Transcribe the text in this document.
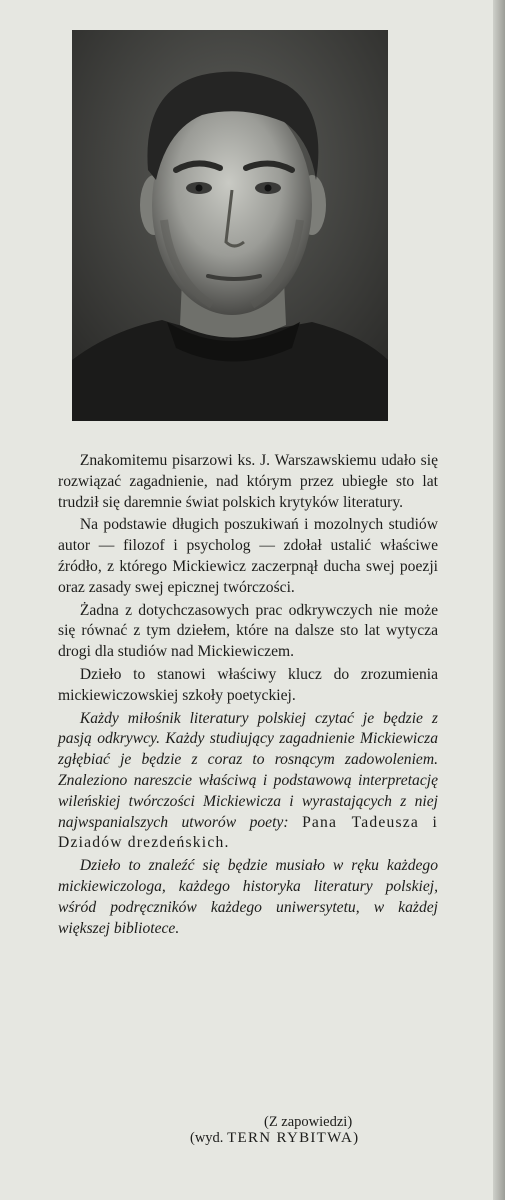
Znakomitemu pisarzowi ks. J. Warszawskiemu udało się rozwiązać zagadnienie, nad którym przez ubiegłe sto lat trudził się daremnie świat polskich krytyków literatury.

Na podstawie długich poszukiwań i mozolnych studiów autor — filozof i psycholog — zdołał ustalić właściwe źródło, z którego Mickiewicz zaczerpnął ducha swej poezji oraz zasady swej epicznej twórczości.

Żadna z dotychczasowych prac odkrywczych nie może się równać z tym dziełem, które na dalsze sto lat wytycza drogi dla studiów nad Mickiewiczem.

Dzieło to stanowi właściwy klucz do zrozumienia mickiewiczowskiej szkoły poetyckiej.

Każdy miłośnik literatury polskiej czytać je będzie z pasją odkrywcy. Każdy studiujący zagadnienie Mickiewicza zgłębiać je będzie z coraz to rosnącym zadowoleniem. Znaleziono nareszcie właściwą i podstawową interpretację wileńskiej twórczości Mickiewicza i wyrastających z niej najwspanialszych utworów poety: Pana Tadeusza i Dziadów drezdeńskich.

Dzieło to znaleźć się będzie musiało w ręku każdego mickiewiczologa, każdego historyka literatury polskiej, wśród podręczników każdego uniwersytetu, w każdej większej bibliotece.

(Z zapowiedzi)
(wyd. TERN RYBITWA)
